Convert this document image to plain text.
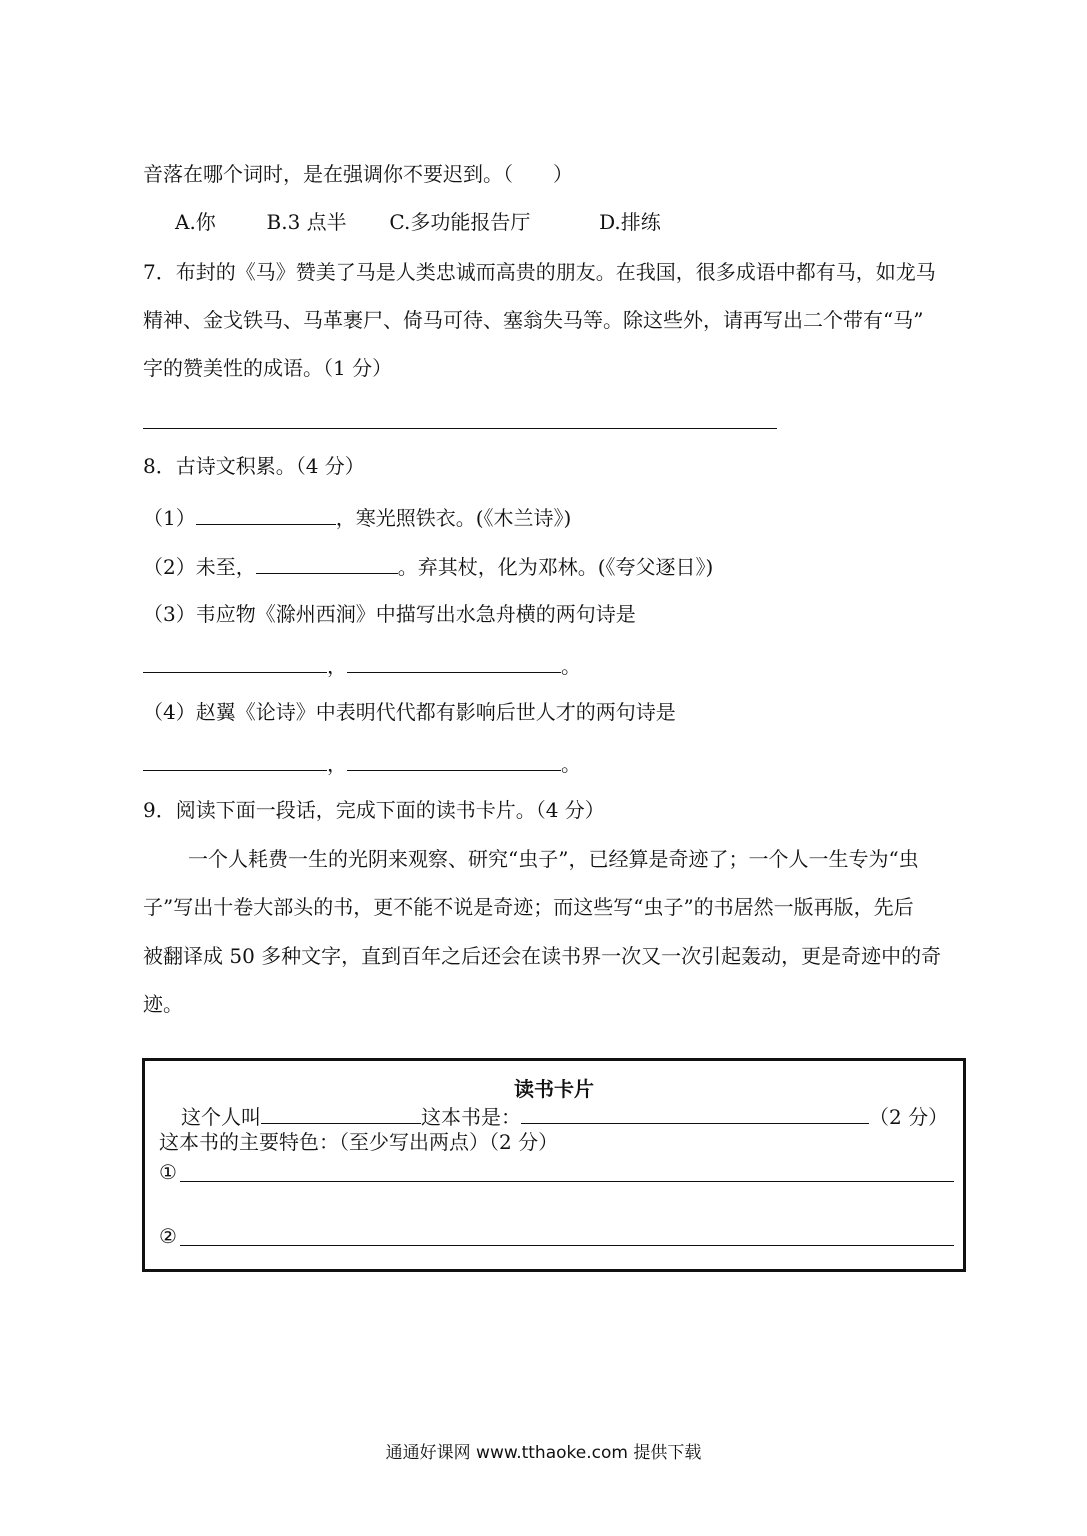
音落在哪个词时，是在强调你不要迟到。（　　）
A.你	B.3 点半 C.多功能报告厅	D.排练
7．布封的《马》赞美了马是人类忠诚而高贵的朋友。在我国，很多成语中都有马，如龙马
精神、金戈铁马、马革裹尸、倚马可待、塞翁失马等。除这些外，请再写出二个带有“马”
字的赞美性的成语。（1 分）
8．古诗文积累。（4 分）
（1）	，寒光照铁衣。(《木兰诗》)
（2）未至，	。弃其杖，化为邓林。(《夸父逐日》)
（3）韦应物《滁州西涧》中描写出水急舟横的两句诗是
，	。
（4）赵翼《论诗》中表明代代都有影响后世人才的两句诗是
，	。
9．阅读下面一段话，完成下面的读书卡片。（4 分）
一个人耗费一生的光阴来观察、研究“虫子”，已经算是奇迹了；一个人一生专为“虫
子”写出十卷大部头的书，更不能不说是奇迹；而这些写“虫子”的书居然一版再版，先后
被翻译成 50 多种文字，直到百年之后还会在读书界一次又一次引起轰动，更是奇迹中的奇
迹。
读书卡片
这个人叫	这本书是：	（2 分）
这本书的主要特色：（至少写出两点）（2 分）
①
②
通通好课网 www.tthaoke.com 提供下载
